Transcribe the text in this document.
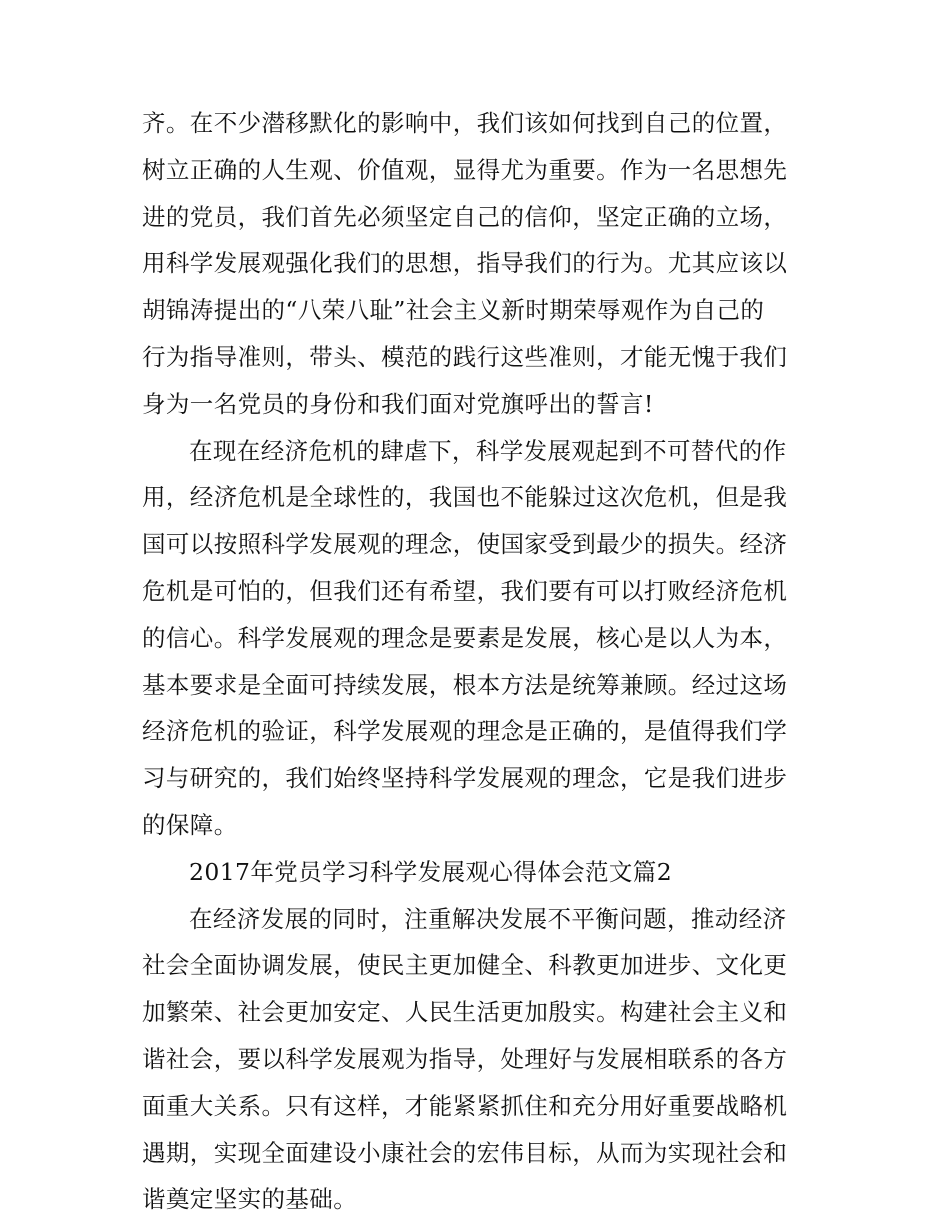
齐。在不少潜移默化的影响中，我们该如何找到自己的位置，
树立正确的人生观、价值观，显得尤为重要。作为一名思想先
进的党员，我们首先必须坚定自己的信仰，坚定正确的立场，
用科学发展观强化我们的思想，指导我们的行为。尤其应该以
胡锦涛提出的“八荣八耻”社会主义新时期荣辱观作为自己的
行为指导准则，带头、模范的践行这些准则，才能无愧于我们
身为一名党员的身份和我们面对党旗呼出的誓言!
在现在经济危机的肆虐下，科学发展观起到不可替代的作
用，经济危机是全球性的，我国也不能躲过这次危机，但是我
国可以按照科学发展观的理念，使国家受到最少的损失。经济
危机是可怕的，但我们还有希望，我们要有可以打败经济危机
的信心。科学发展观的理念是要素是发展，核心是以人为本，
基本要求是全面可持续发展，根本方法是统筹兼顾。经过这场
经济危机的验证，科学发展观的理念是正确的，是值得我们学
习与研究的，我们始终坚持科学发展观的理念，它是我们进步
的保障。
2017年党员学习科学发展观心得体会范文篇2
在经济发展的同时，注重解决发展不平衡问题，推动经济
社会全面协调发展，使民主更加健全、科教更加进步、文化更
加繁荣、社会更加安定、人民生活更加殷实。构建社会主义和
谐社会，要以科学发展观为指导，处理好与发展相联系的各方
面重大关系。只有这样，才能紧紧抓住和充分用好重要战略机
遇期，实现全面建设小康社会的宏伟目标，从而为实现社会和
谐奠定坚实的基础。
